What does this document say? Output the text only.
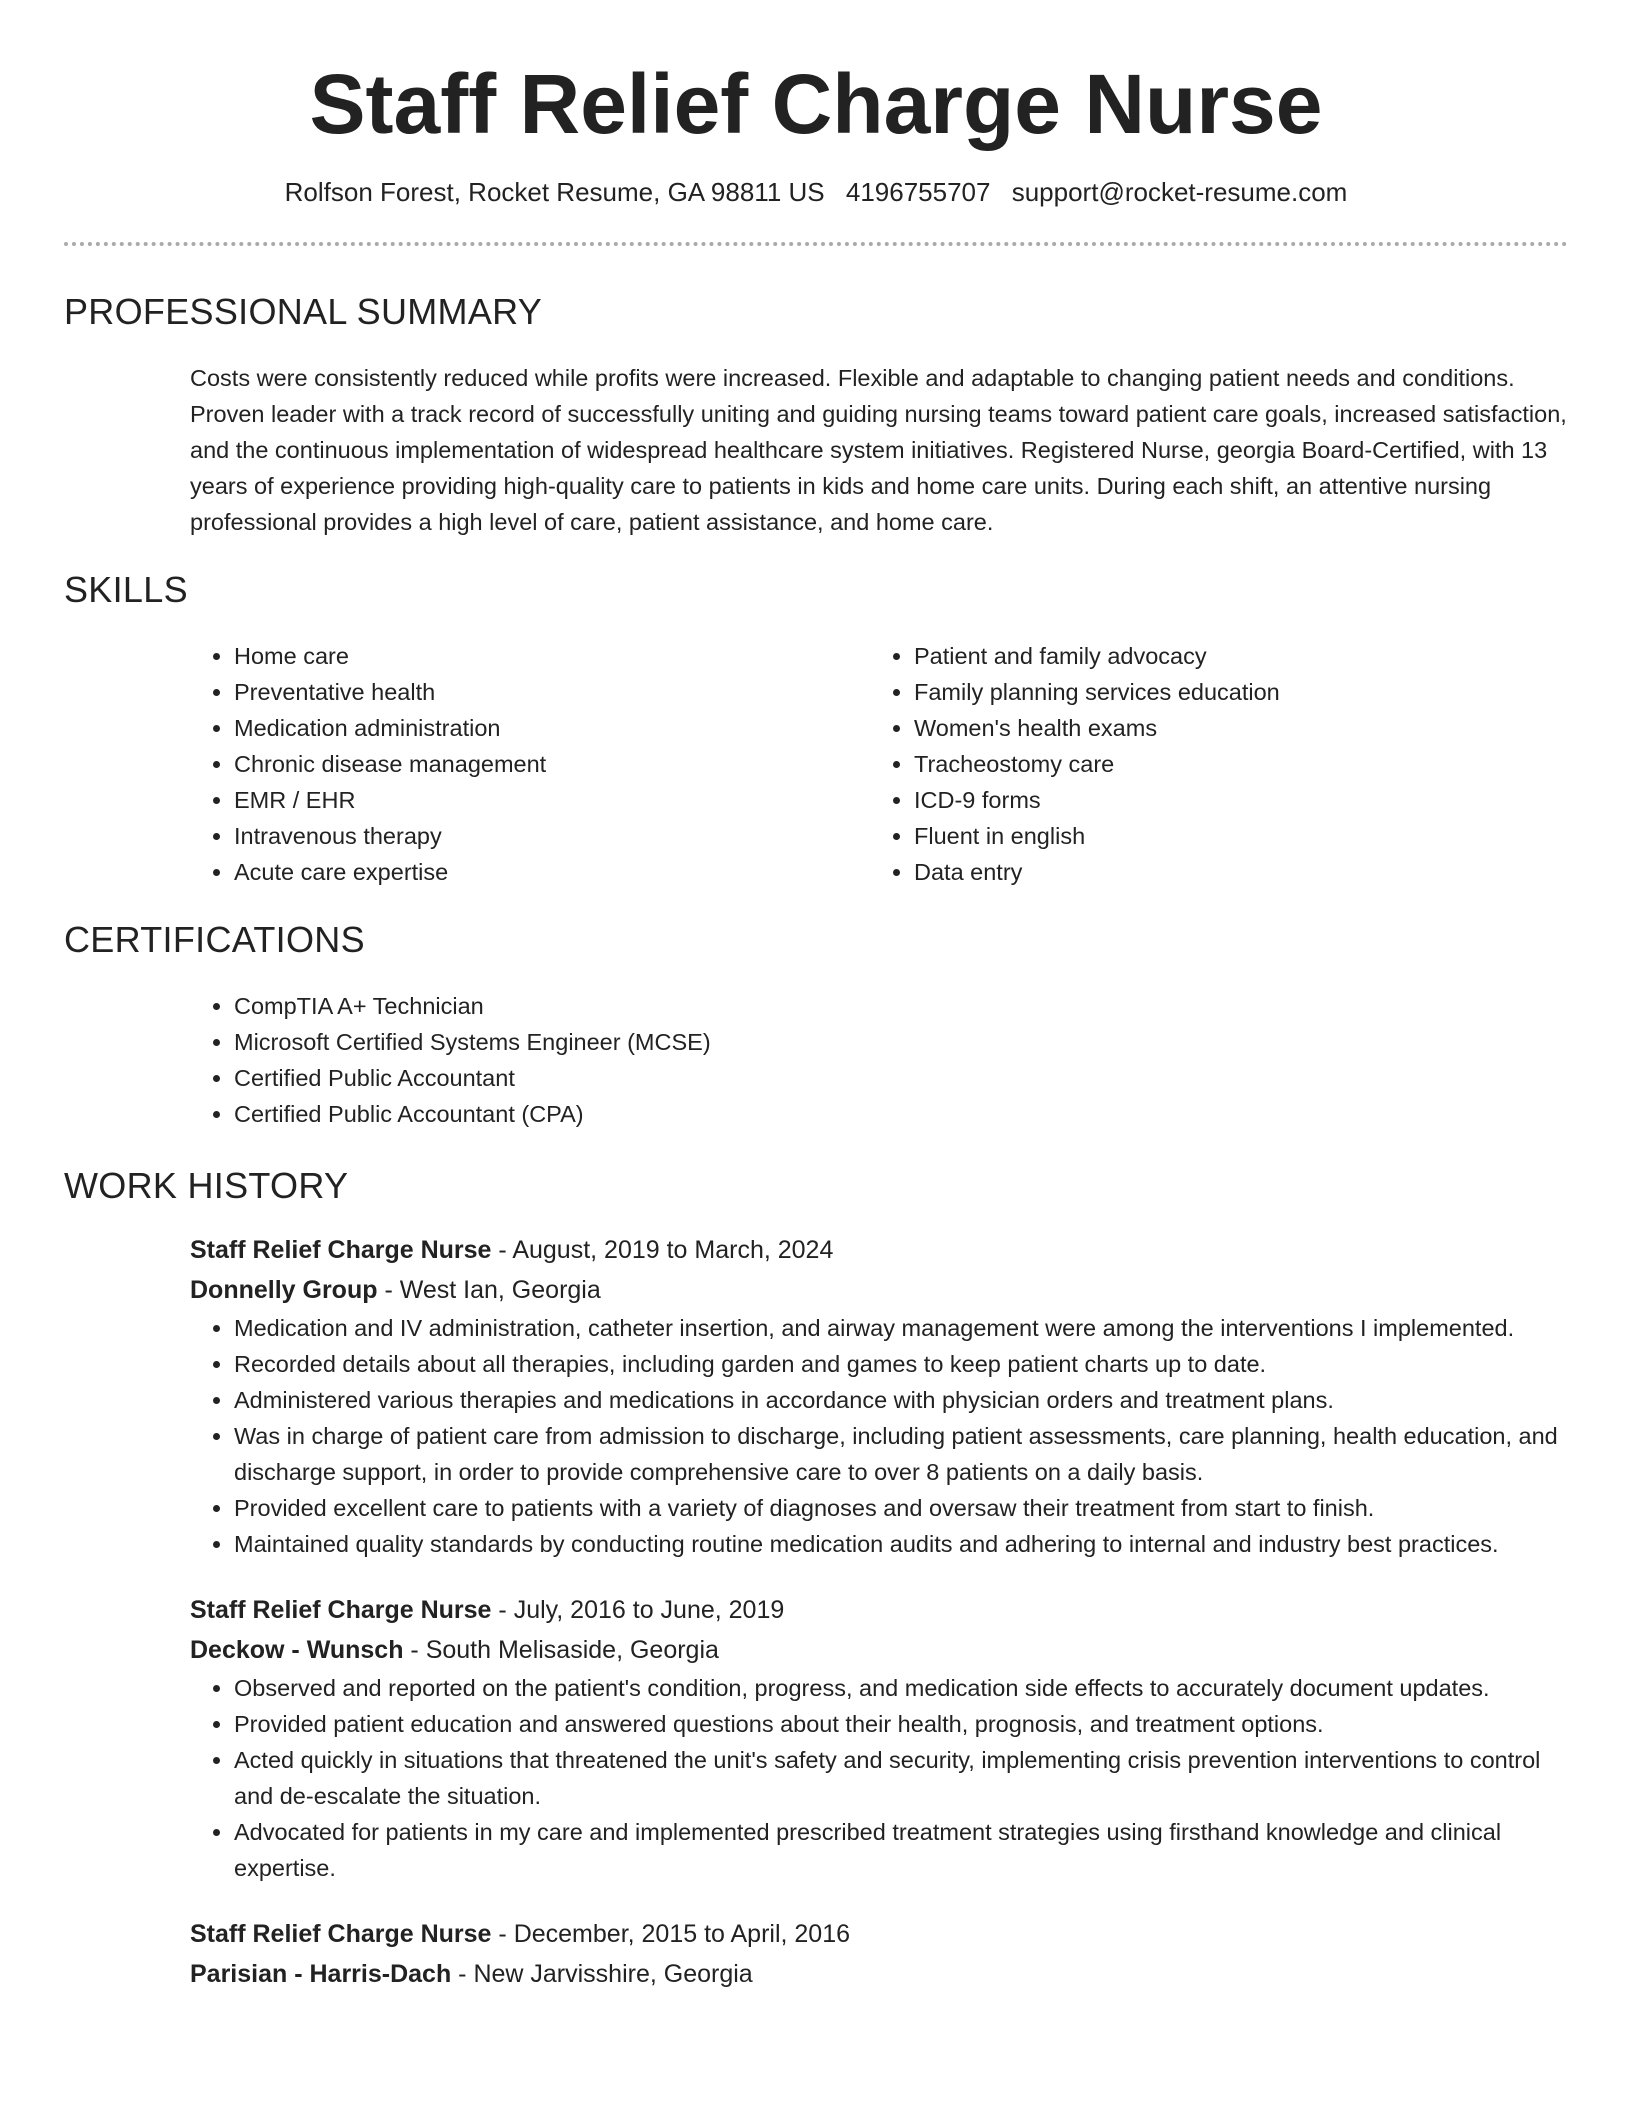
Staff Relief Charge Nurse
Rolfson Forest, Rocket Resume, GA 98811 US 4196755707 support@rocket-resume.com
PROFESSIONAL SUMMARY
Costs were consistently reduced while profits were increased. Flexible and adaptable to changing patient needs and conditions. Proven leader with a track record of successfully uniting and guiding nursing teams toward patient care goals, increased satisfaction, and the continuous implementation of widespread healthcare system initiatives. Registered Nurse, georgia Board-Certified, with 13 years of experience providing high-quality care to patients in kids and home care units. During each shift, an attentive nursing professional provides a high level of care, patient assistance, and home care.
SKILLS
• Home care
• Preventative health
• Medication administration
• Chronic disease management
• EMR / EHR
• Intravenous therapy
• Acute care expertise
• Patient and family advocacy
• Family planning services education
• Women's health exams
• Tracheostomy care
• ICD-9 forms
• Fluent in english
• Data entry
CERTIFICATIONS
• CompTIA A+ Technician
• Microsoft Certified Systems Engineer (MCSE)
• Certified Public Accountant
• Certified Public Accountant (CPA)
WORK HISTORY
Staff Relief Charge Nurse - August, 2019 to March, 2024
Donnelly Group - West Ian, Georgia
• Medication and IV administration, catheter insertion, and airway management were among the interventions I implemented.
• Recorded details about all therapies, including garden and games to keep patient charts up to date.
• Administered various therapies and medications in accordance with physician orders and treatment plans.
• Was in charge of patient care from admission to discharge, including patient assessments, care planning, health education, and discharge support, in order to provide comprehensive care to over 8 patients on a daily basis.
• Provided excellent care to patients with a variety of diagnoses and oversaw their treatment from start to finish.
• Maintained quality standards by conducting routine medication audits and adhering to internal and industry best practices.
Staff Relief Charge Nurse - July, 2016 to June, 2019
Deckow - Wunsch - South Melisaside, Georgia
• Observed and reported on the patient's condition, progress, and medication side effects to accurately document updates.
• Provided patient education and answered questions about their health, prognosis, and treatment options.
• Acted quickly in situations that threatened the unit's safety and security, implementing crisis prevention interventions to control and de-escalate the situation.
• Advocated for patients in my care and implemented prescribed treatment strategies using firsthand knowledge and clinical expertise.
Staff Relief Charge Nurse - December, 2015 to April, 2016
Parisian - Harris-Dach - New Jarvisshire, Georgia
